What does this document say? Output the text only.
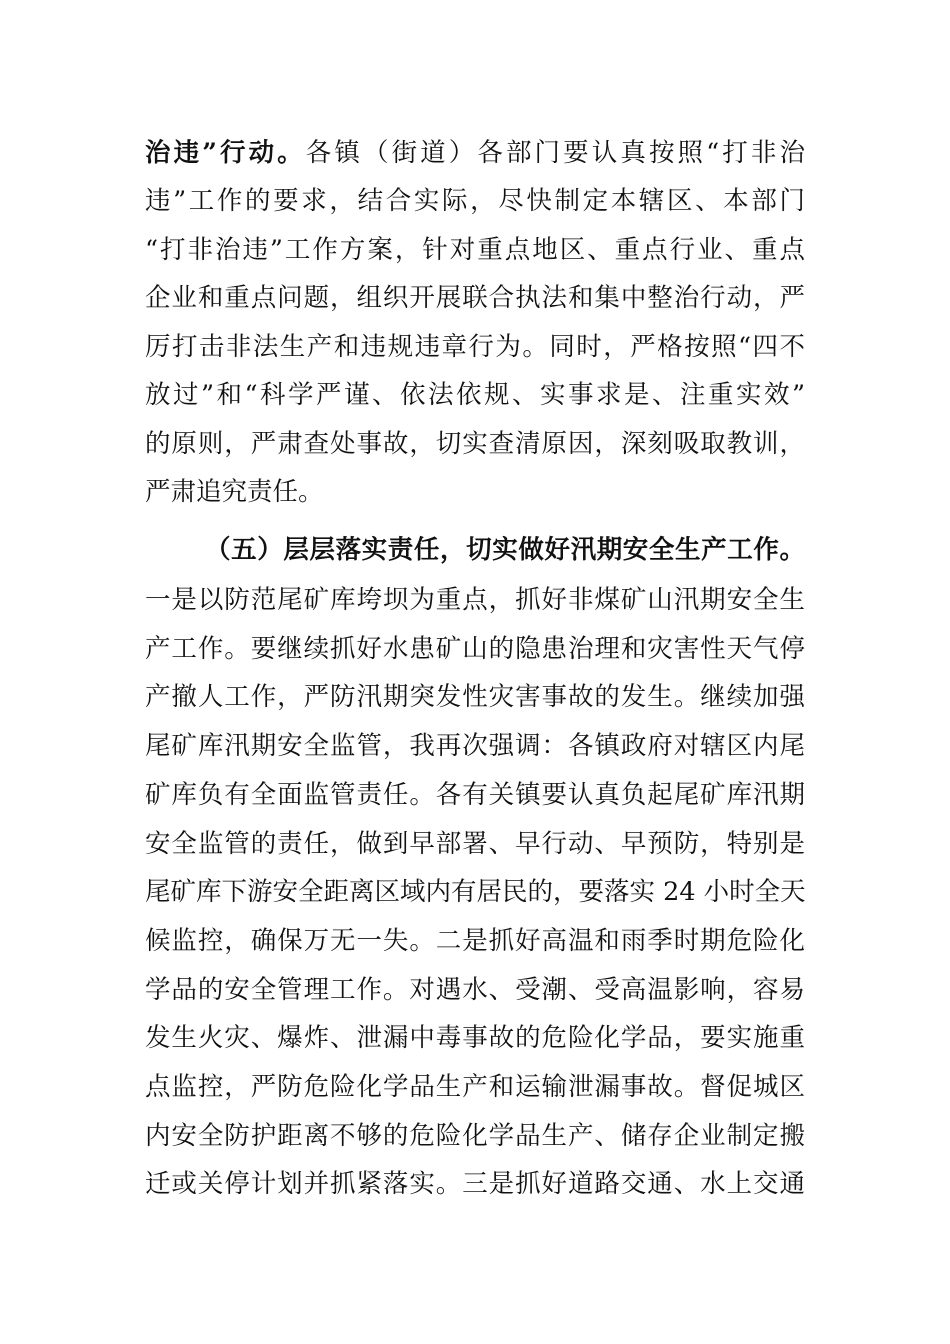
治违”行动。各镇（街道）各部门要认真按照“打非治
违”工作的要求，结合实际，尽快制定本辖区、本部门
“打非治违”工作方案，针对重点地区、重点行业、重点
企业和重点问题，组织开展联合执法和集中整治行动，严
厉打击非法生产和违规违章行为。同时，严格按照“四不
放过”和“科学严谨、依法依规、实事求是、注重实效”
的原则，严肃查处事故，切实查清原因，深刻吸取教训，
严肃追究责任。
（五）层层落实责任，切实做好汛期安全生产工作。
一是以防范尾矿库垮坝为重点，抓好非煤矿山汛期安全生
产工作。要继续抓好水患矿山的隐患治理和灾害性天气停
产撤人工作，严防汛期突发性灾害事故的发生。继续加强
尾矿库汛期安全监管，我再次强调：各镇政府对辖区内尾
矿库负有全面监管责任。各有关镇要认真负起尾矿库汛期
安全监管的责任，做到早部署、早行动、早预防，特别是
尾矿库下游安全距离区域内有居民的，要落实 24 小时全天
候监控，确保万无一失。二是抓好高温和雨季时期危险化
学品的安全管理工作。对遇水、受潮、受高温影响，容易
发生火灾、爆炸、泄漏中毒事故的危险化学品，要实施重
点监控，严防危险化学品生产和运输泄漏事故。督促城区
内安全防护距离不够的危险化学品生产、储存企业制定搬
迁或关停计划并抓紧落实。三是抓好道路交通、水上交通
